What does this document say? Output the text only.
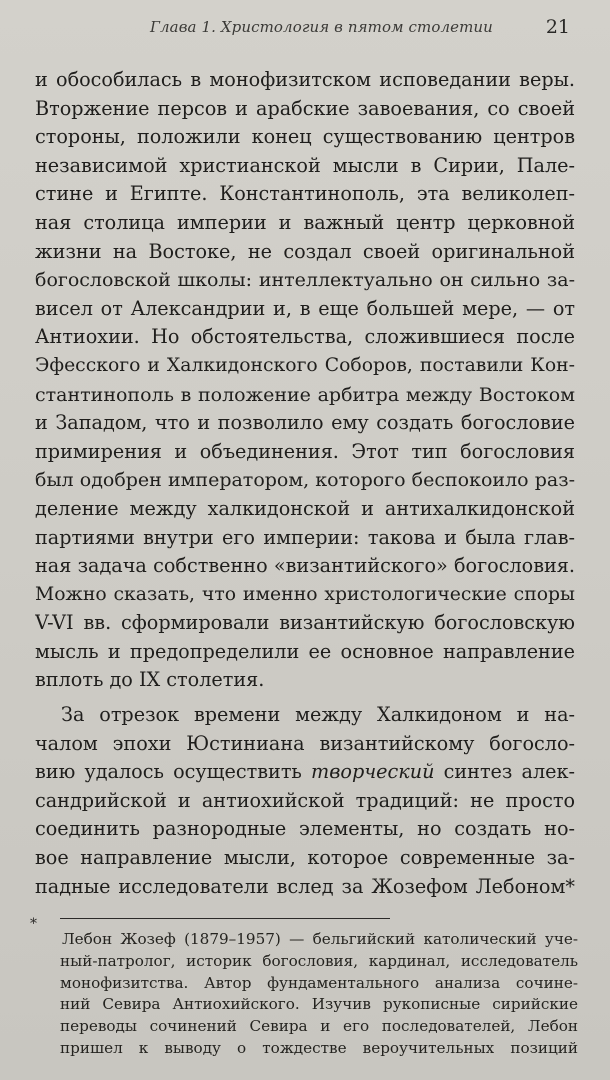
Глава 1. Христология в пятом столетии	21
и обособилась в монофизитском исповедании веры.
Вторжение персов и арабские завоевания, со своей
стороны, положили конец существованию центров
независимой христианской мысли в Сирии, Пале-
стине и Египте. Константинополь, эта великолеп-
ная столица империи и важный центр церковной
жизни на Востоке, не создал своей оригинальной
богословской школы: интеллектуально он сильно за-
висел от Александрии и, в еще большей мере, — от
Антиохии. Но обстоятельства, сложившиеся после
Эфесского и Халкидонского Соборов, поставили Кон-
стантинополь в положение арбитра между Востоком
и Западом, что и позволило ему создать богословие
примирения и объединения. Этот тип богословия
был одобрен императором, которого беспокоило раз-
деление между халкидонской и антихалкидонской
партиями внутри его империи: такова и была глав-
ная задача собственно «византийского» богословия.
Можно сказать, что именно христологические споры
V-VI вв. сформировали византийскую богословскую
мысль и предопределили ее основное направление
вплоть до IX столетия.
За отрезок времени между Халкидоном и на-
чалом эпохи Юстиниана византийскому богосло-
вию удалось осуществить творческий синтез алек-
сандрийской и антиохийской традиций: не просто
соединить разнородные элементы, но создать но-
вое направление мысли, которое современные за-
падные исследователи вслед за Жозефом Лебоном*
*
Лебон Жозеф (1879–1957) — бельгийский католический уче-
ный-патролог, историк богословия, кардинал, исследователь
монофизитства. Автор фундаментального анализа сочине-
ний Севира Антиохийского. Изучив рукописные сирийские
переводы сочинений Севира и его последователей, Лебон
пришел к выводу о тождестве вероучительных позиций
